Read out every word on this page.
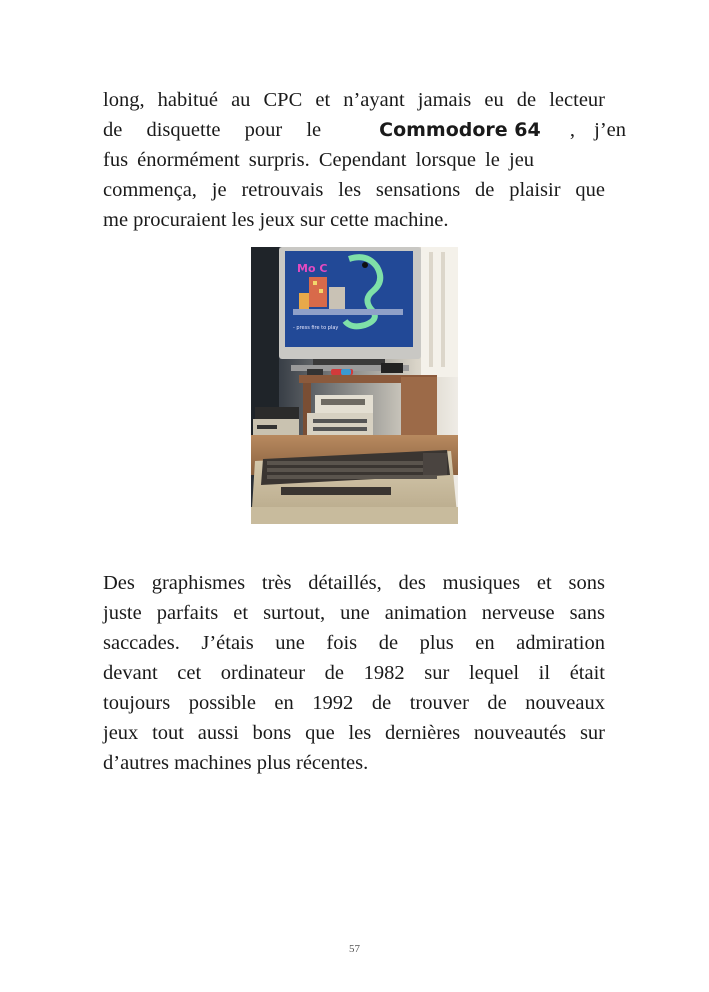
long, habitué au CPC et n’ayant jamais eu de lecteur
de disquette pour le	Commodore 64 , j’en
fus énormément surpris. Cependant lorsque le jeu
commença, je retrouvais les sensations de plaisir que
me procuraient les jeux sur cette machine.
Mo C
- press fire to play
Des graphismes très détaillés, des musiques et sons
juste parfaits et surtout, une animation nerveuse sans
saccades. J’étais une fois de plus en admiration
devant cet ordinateur de 1982 sur lequel il était
toujours possible en 1992 de trouver de nouveaux
jeux tout aussi bons que les dernières nouveautés sur
d’autres machines plus récentes.
57
